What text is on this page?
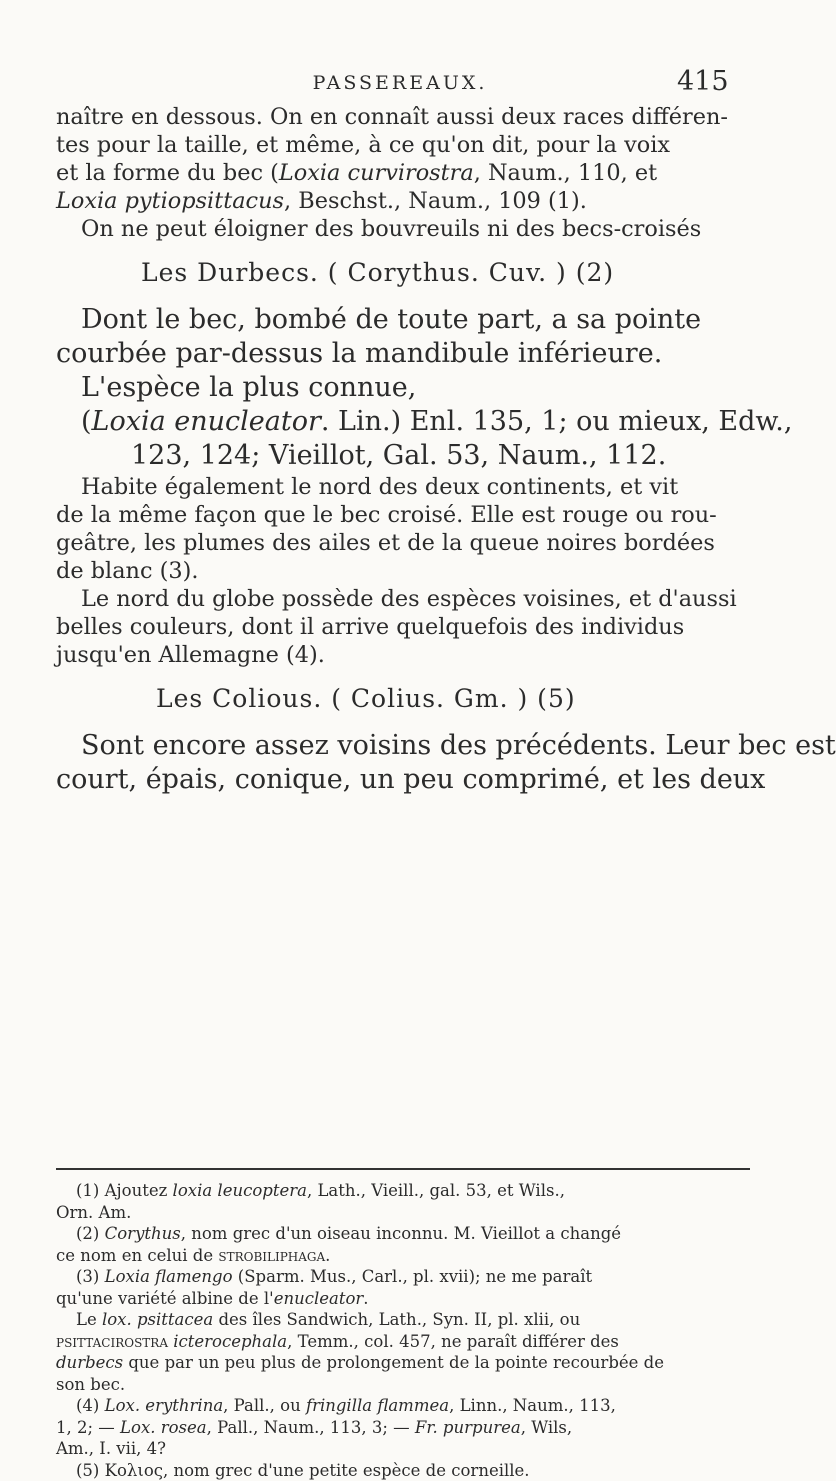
PASSEREAUX.	415
naître en dessous. On en connaît aussi deux races différen-
tes pour la taille, et même, à ce qu'on dit, pour la voix
et la forme du bec (Loxia curvirostra, Naum., 110, et
Loxia pytiopsittacus, Beschst., Naum., 109 (1).
On ne peut éloigner des bouvreuils ni des becs-croisés
Les Durbecs. ( Corythus. Cuv. ) (2)
Dont le bec, bombé de toute part, a sa pointe
courbée par-dessus la mandibule inférieure.
L'espèce la plus connue,
(Loxia enucleator. Lin.) Enl. 135, 1; ou mieux, Edw.,
123, 124; Vieillot, Gal. 53, Naum., 112.
Habite également le nord des deux continents, et vit
de la même façon que le bec croisé. Elle est rouge ou rou-
geâtre, les plumes des ailes et de la queue noires bordées
de blanc (3).
Le nord du globe possède des espèces voisines, et d'aussi
belles couleurs, dont il arrive quelquefois des individus
jusqu'en Allemagne (4).
Les Colious. ( Colius. Gm. ) (5)
Sont encore assez voisins des précédents. Leur bec est
court, épais, conique, un peu comprimé, et les deux
(1) Ajoutez loxia leucoptera, Lath., Vieill., gal. 53, et Wils.,
Orn. Am.
(2) Corythus, nom grec d'un oiseau inconnu. M. Vieillot a changé
ce nom en celui de strobiliphaga.
(3) Loxia flamengo (Sparm. Mus., Carl., pl. xvii); ne me paraît
qu'une variété albine de l'enucleator.
Le lox. psittacea des îles Sandwich, Lath., Syn. II, pl. xlii, ou
psittacirostra icterocephala, Temm., col. 457, ne paraît différer des
durbecs que par un peu plus de prolongement de la pointe recourbée de
son bec.
(4) Lox. erythrina, Pall., ou fringilla flammea, Linn., Naum., 113,
1, 2; — Lox. rosea, Pall., Naum., 113, 3; — Fr. purpurea, Wils,
Am., I. vii, 4?
(5) Κολιος, nom grec d'une petite espèce de corneille.
